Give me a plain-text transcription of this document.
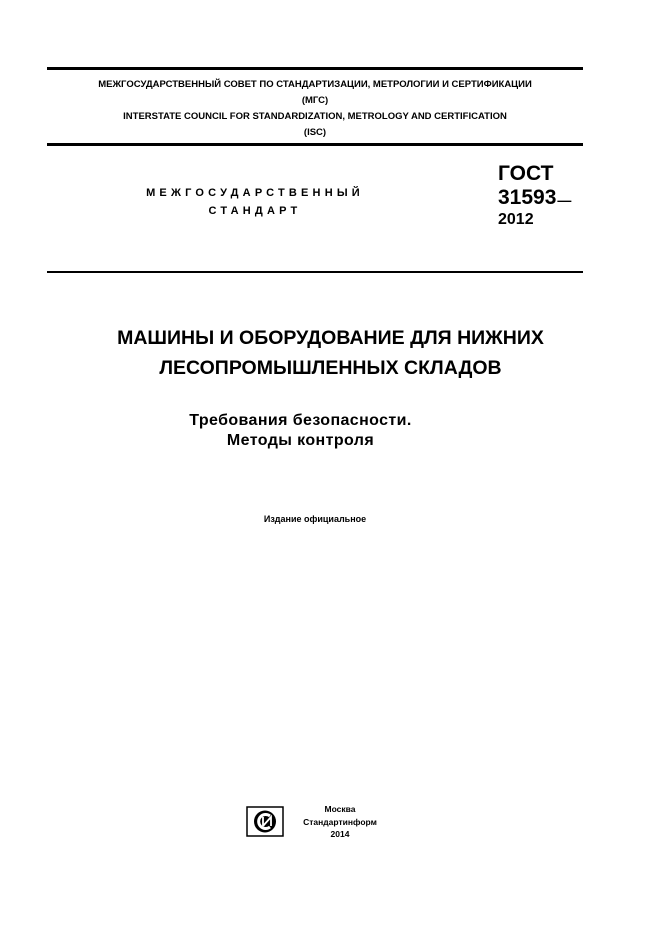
МЕЖГОСУДАРСТВЕННЫЙ СОВЕТ ПО СТАНДАРТИЗАЦИИ, МЕТРОЛОГИИ И СЕРТИФИКАЦИИ
(МГС)
INTERSTATE COUNCIL FOR STANDARDIZATION, METROLOGY AND CERTIFICATION
(ISC)
МЕЖГОСУДАРСТВЕННЫЙ
СТАНДАРТ
ГОСТ
31593—
2012
МАШИНЫ И ОБОРУДОВАНИЕ ДЛЯ НИЖНИХ
ЛЕСОПРОМЫШЛЕННЫХ СКЛАДОВ
Требования безопасности.
Методы контроля
Издание официальное
Москва
Стандартинформ
2014
